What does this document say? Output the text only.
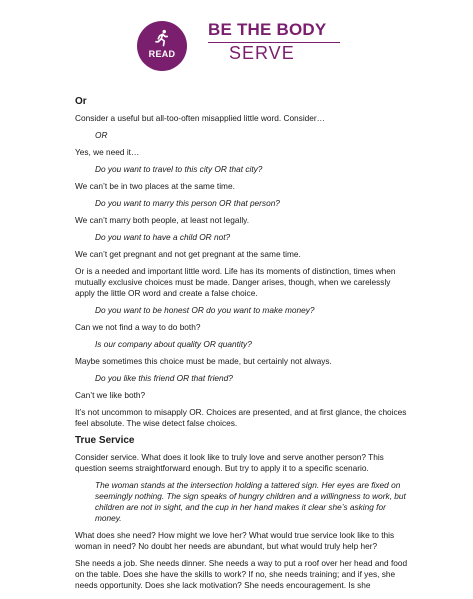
READ
BE THE BODY
SERVE
Or
Consider a useful but all-too-often misapplied little word. Consider…
OR
Yes, we need it…
Do you want to travel to this city OR that city?
We can’t be in two places at the same time.
Do you want to marry this person OR that person?
We can’t marry both people, at least not legally.
Do you want to have a child OR not?
We can’t get pregnant and not get pregnant at the same time.
Or is a needed and important little word. Life has its moments of distinction, times when mutually exclusive choices must be made. Danger arises, though, when we carelessly apply the little OR word and create a false choice.
Do you want to be honest OR do you want to make money?
Can we not find a way to do both?
Is our company about quality OR quantity?
Maybe sometimes this choice must be made, but certainly not always.
Do you like this friend OR that friend?
Can’t we like both?
It’s not uncommon to misapply OR. Choices are presented, and at first glance, the choices feel absolute. The wise detect false choices.
True Service
Consider service. What does it look like to truly love and serve another person? This question seems straightforward enough. But try to apply it to a specific scenario.
The woman stands at the intersection holding a tattered sign. Her eyes are fixed on seemingly nothing. The sign speaks of hungry children and a willingness to work, but children are not in sight, and the cup in her hand makes it clear she’s asking for money.
What does she need? How might we love her? What would true service look like to this woman in need? No doubt her needs are abundant, but what would truly help her?
She needs a job. She needs dinner. She needs a way to put a roof over her head and food on the table. Does she have the skills to work? If no, she needs training; and if yes, she needs opportunity. Does she lack motivation? She needs encouragement. Is she
